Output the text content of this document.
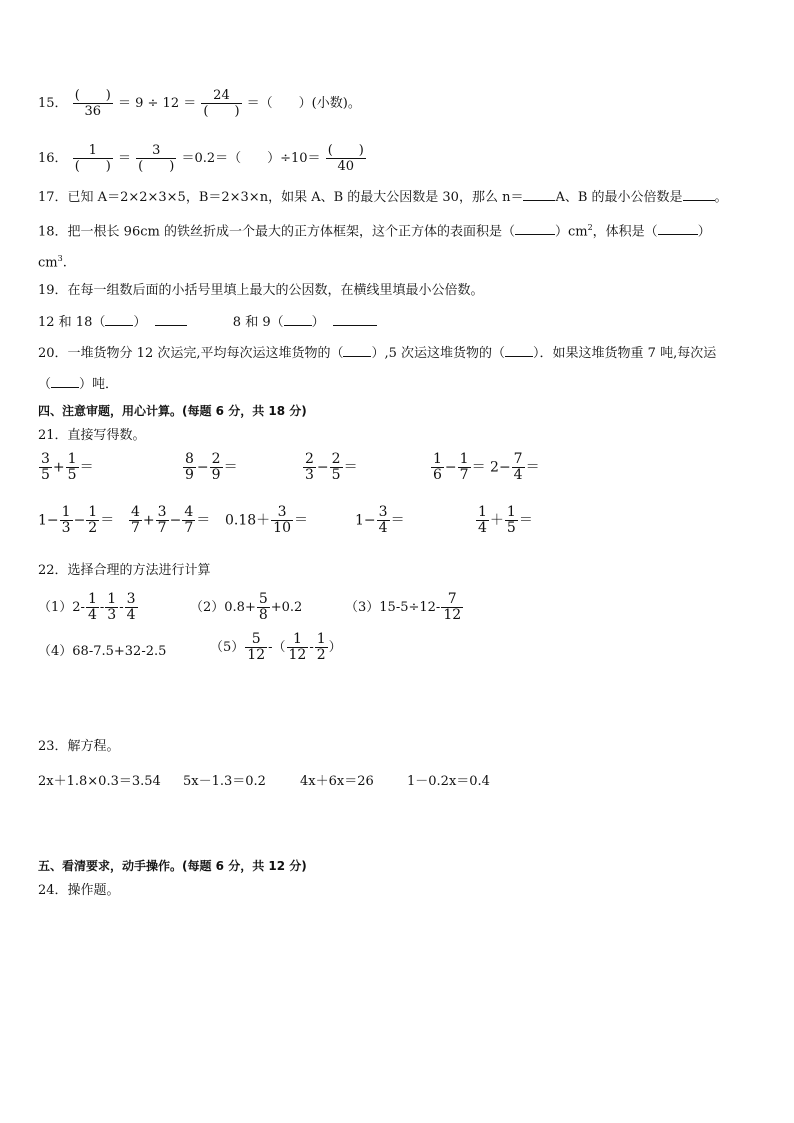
15． $\frac{( )}{36} = 9 \div 12 = \frac{24}{( )}$ ＝（　　）(小数)。
16． $\frac{1}{( )} = \frac{3}{( )} =0.2=$（　　）$\div 10= \frac{( )}{40}$
17．已知 A＝2×2×3×5，B＝2×3×n，如果 A、B 的最大公因数是 30，那么 n＝ A、B 的最小公倍数是 。
18．把一根长 96cm 的铁丝折成一个最大的正方体框架，这个正方体的表面积是（	）$cm^2$，体积是（	）
$cm^3$.
19．在每一组数后面的小括号里填上最大的公因数，在横线里填最小公倍数。
12 和 18（ ）	8 和 9（ ）
20．一堆货物分 12 次运完,平均每次运这堆货物的（ ）,5 次运这堆货物的（ ）．如果这堆货物重 7 吨,每次运
（ ）吨．
四、注意审题，用心计算。(每题 6 分，共 18 分)
21．直接写得数。
$\frac{3}{5} + \frac{1}{5}$ ＝	$\frac{8}{9} - \frac{2}{9}$ ＝	$\frac{2}{3} - \frac{2}{5}$ ＝	$\frac{1}{6} - \frac{1}{7} = 2- \frac{7}{4}$ ＝
$1- \frac{1}{3} - \frac{1}{2} = \frac{4}{7} + \frac{3}{7} - \frac{4}{7} = 0.18+ \frac{3}{10}$ ＝	$1- \frac{3}{4}$ ＝	$\frac{1}{4} + \frac{1}{5}$ ＝
22．选择合理的方法进行计算
$(1)2- \frac{1}{4} - \frac{1}{3} - \frac{3}{4}$	$(2)0.8+ \frac{5}{8} +0.2$	$(3)15-5\div 12- \frac{7}{12}$
（4）68-7.5+32-2.5	$(5) \frac{5}{12}$ -（ $\frac{1}{12} - \frac{1}{2}$ ）
23．解方程。
2x＋1.8×0.3＝3.54 5x－1.3＝0.2	4x＋6x＝26	1－0.2x＝0.4
五、看清要求，动手操作。(每题 6 分，共 12 分)
24．操作题。
